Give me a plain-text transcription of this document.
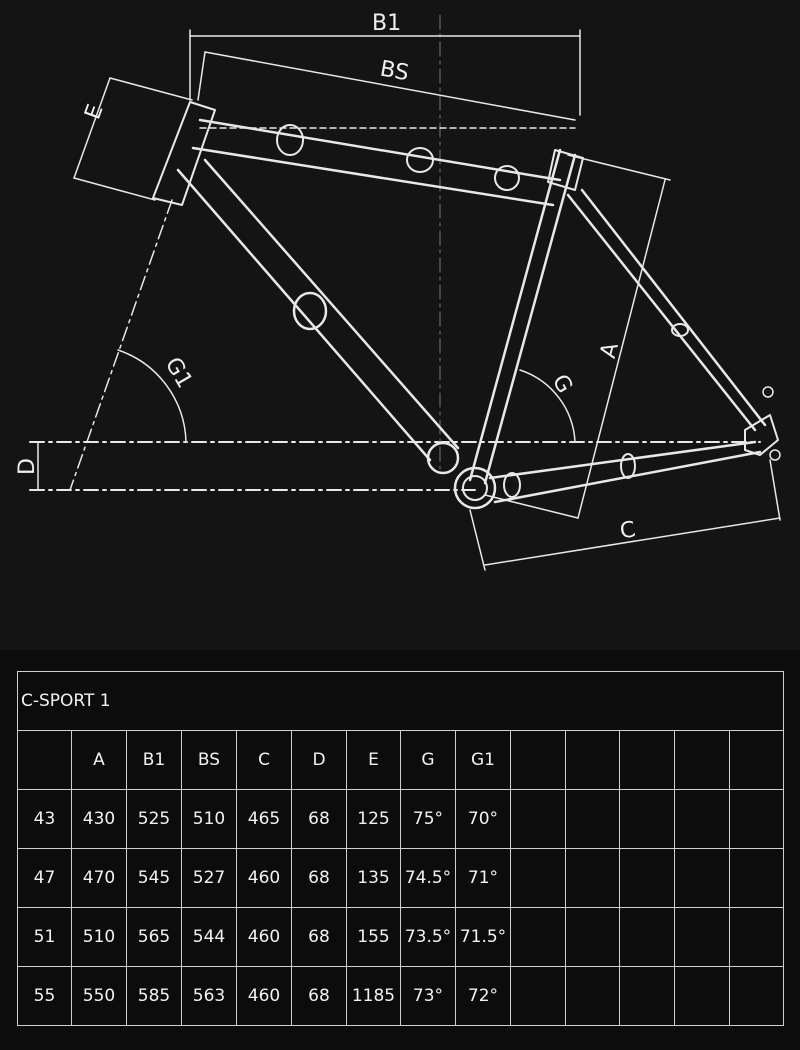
B1
BS
E
D
A
C
G
G1
C-SPORT 1													
	A	B1	BS	C	D	E	G	G1					
43	430	525	510	465	68	125	75°	70°					
47	470	545	527	460	68	135	74.5°	71°					
51	510	565	544	460	68	155	73.5°	71.5°					
55	550	585	563	460	68	1185	73°	72°					
